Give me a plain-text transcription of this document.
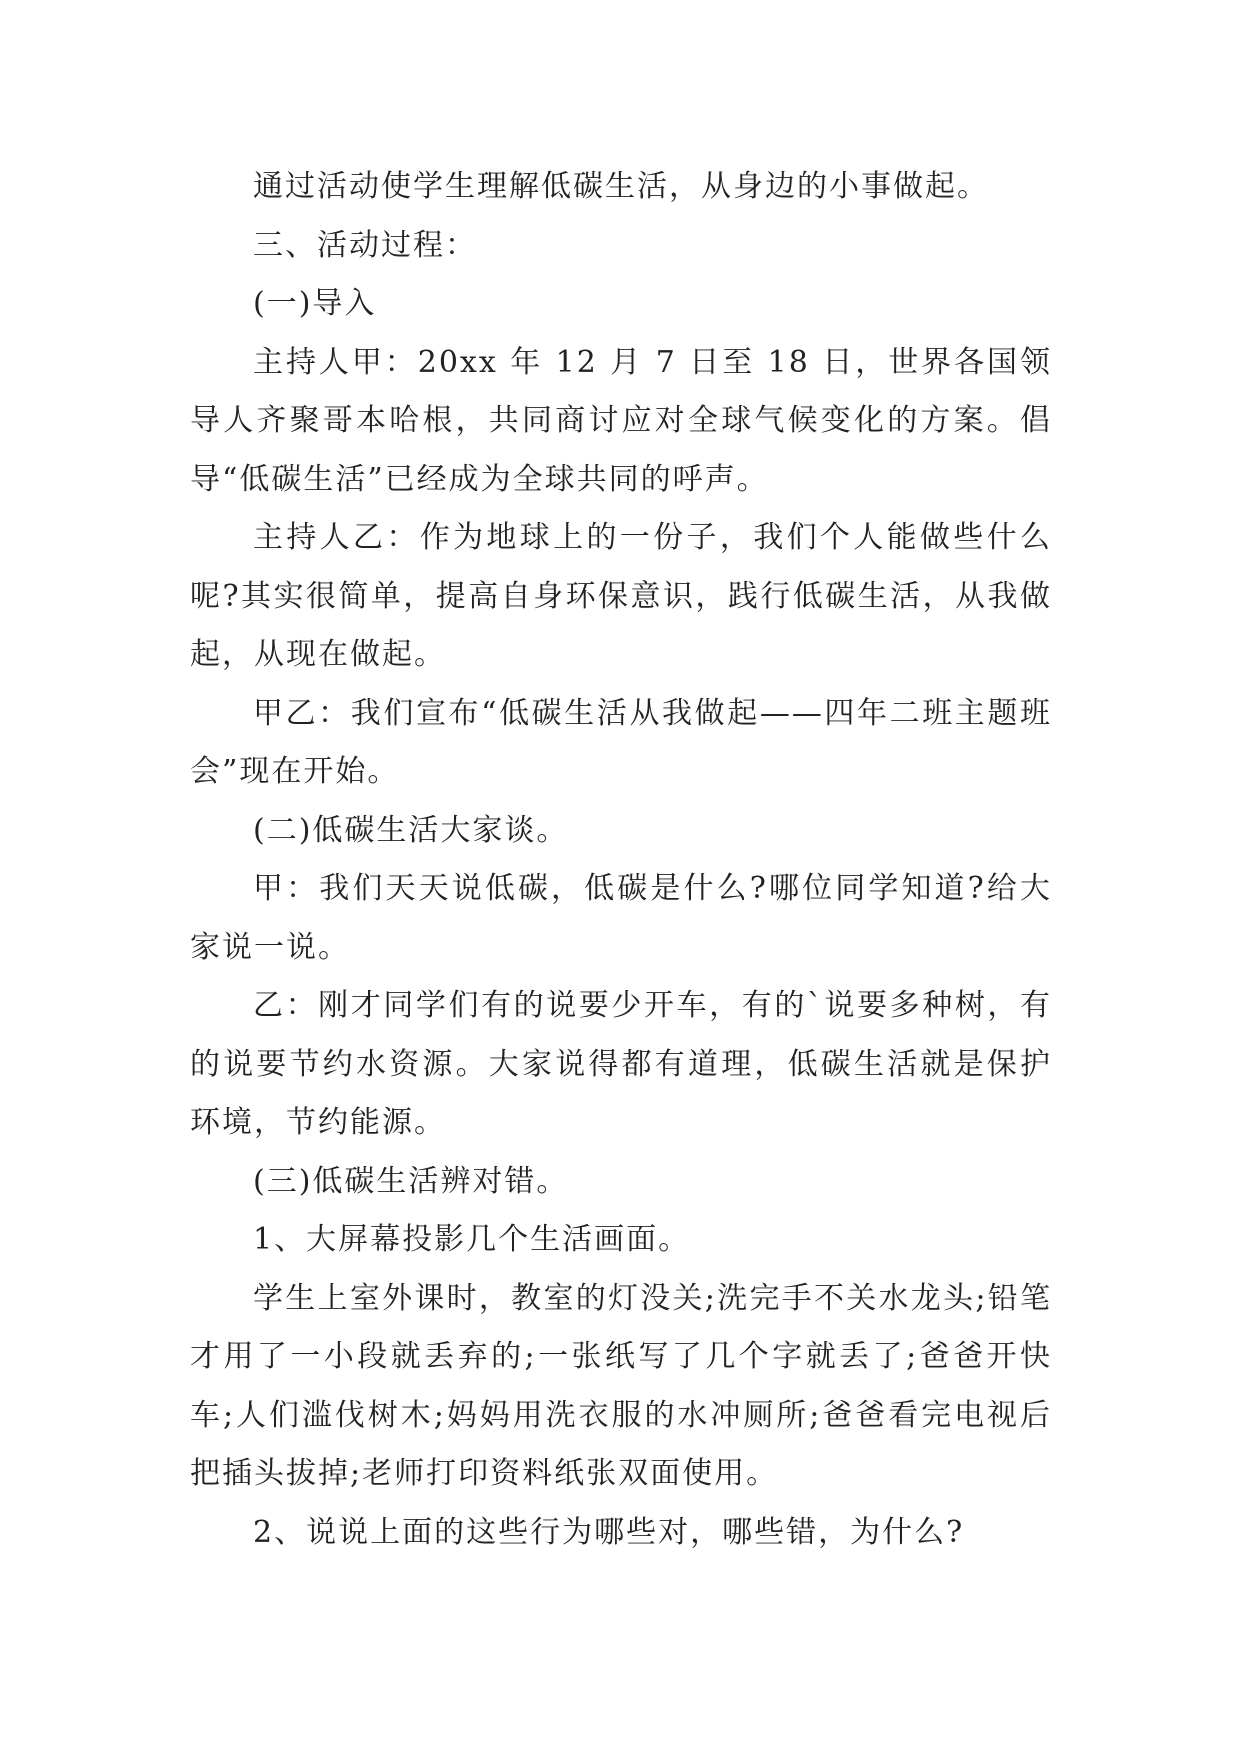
通过活动使学生理解低碳生活，从身边的小事做起。

三、活动过程：

(一)导入

主持人甲：20xx 年 12 月 7 日至 18 日，世界各国领导人齐聚哥本哈根，共同商讨应对全球气候变化的方案。倡导“低碳生活”已经成为全球共同的呼声。

主持人乙：作为地球上的一份子，我们个人能做些什么呢?其实很简单，提高自身环保意识，践行低碳生活，从我做起，从现在做起。

甲乙：我们宣布“低碳生活从我做起——四年二班主题班会”现在开始。

(二)低碳生活大家谈。

甲：我们天天说低碳，低碳是什么?哪位同学知道?给大家说一说。

乙：刚才同学们有的说要少开车，有的`说要多种树，有的说要节约水资源。大家说得都有道理，低碳生活就是保护环境，节约能源。

(三)低碳生活辨对错。

1、大屏幕投影几个生活画面。

学生上室外课时，教室的灯没关;洗完手不关水龙头;铅笔才用了一小段就丢弃的;一张纸写了几个字就丢了;爸爸开快车;人们滥伐树木;妈妈用洗衣服的水冲厕所;爸爸看完电视后把插头拔掉;老师打印资料纸张双面使用。

2、说说上面的这些行为哪些对，哪些错，为什么?
